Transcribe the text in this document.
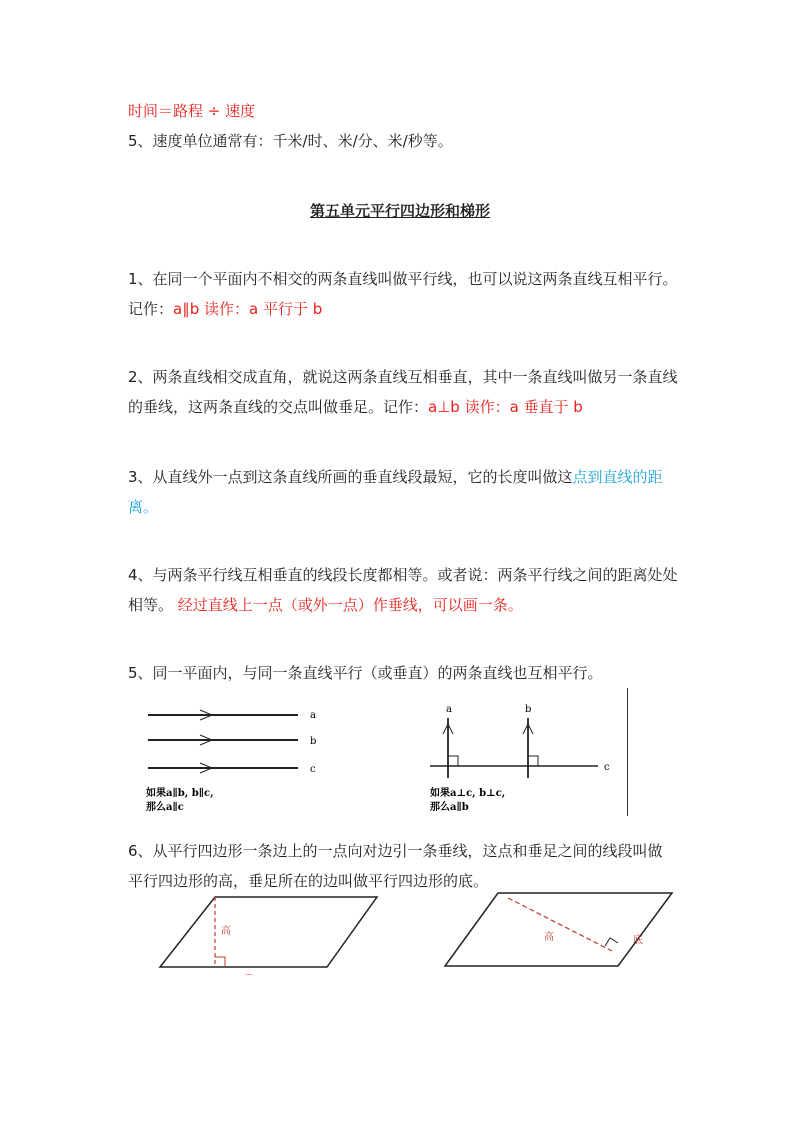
时间＝路程 ÷ 速度
5、速度单位通常有：千米/时、米/分、米/秒等。
第五单元平行四边形和梯形
1、在同一个平面内不相交的两条直线叫做平行线，也可以说这两条直线互相平行。
记作：a∥b 读作：a 平行于 b
2、两条直线相交成直角，就说这两条直线互相垂直，其中一条直线叫做另一条直线
的垂线，这两条直线的交点叫做垂足。记作：a⊥b 读作：a 垂直于 b
3、从直线外一点到这条直线所画的垂直线段最短，它的长度叫做这点到直线的距
离。
4、与两条平行线互相垂直的线段长度都相等。或者说：两条平行线之间的距离处处
相等。 经过直线上一点（或外一点）作垂线，可以画一条。
5、同一平面内，与同一条直线平行（或垂直）的两条直线也互相平行。
a
b
c
如果a∥b, b∥c,
那么a∥c
a	b
c
如果a⊥c, b⊥c,
那么a∥b
6、从平行四边形一条边上的一点向对边引一条垂线，这点和垂足之间的线段叫做
平行四边形的高，垂足所在的边叫做平行四边形的底。
高
⌒
高	底
